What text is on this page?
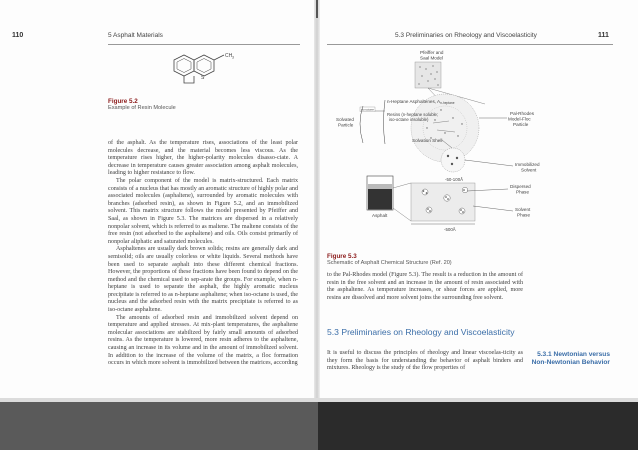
110	5 Asphalt Materials
S
CH 3
Figure 5.2
Example of Resin Molecule

of the asphalt. As the temperature rises, associations of the least polar molecules decrease, and the material becomes less viscous. As the temperature rises higher, the higher-polarity molecules disasso-ciate. A decrease in temperature causes greater association among asphalt molecules, leading to higher resistance to flow.

The polar component of the model is matrix-structured. Each matrix consists of a nucleus that has mostly an aromatic structure of highly polar and associated molecules (asphaltene), surrounded by aromatic molecules with branches (adsorbed resin), as shown in Figure 5.2, and an immobilized solvent. This matrix structure follows the model presented by Pfeiffer and Saal, as shown in Figure 5.3. The matrices are dispersed in a relatively nonpolar solvent, which is referred to as maltene. The maltene consists of the free resin (not adsorbed to the asphaltene) and oils. Oils consist primarily of nonpolar aliphatic and saturated molecules.

Asphaltenes are usually dark brown solids; resins are generally dark and semisolid; oils are usually colorless or white liquids. Several methods have been used to separate asphalt into these different chemical fractions. However, the proportions of these fractions have been found to depend on the method and the chemical used to sep-arate the groups. For example, when n-heptane is used to separate the asphalt, the highly aromatic nucleus precipitate is referred to as n-heptane asphaltene; when iso-octane is used, the nucleus and the adsorbed resin with the matrix precipitate is referred to as iso-octane asphaltene.

The amounts of adsorbed resin and immobilized solvent depend on temperature and applied stresses. At mix-plant temperatures, the asphaltene molecular associations are stabilized by fairly small amounts of adsorbed resins. As the temperature is lowered, more resin adheres to the asphaltene, causing an increase in its volume and in the amount of immobilized solvent. In addition to the increase of the volume of the matrix, a floc formation occurs in which more solvent is immobilized between the matrices, according

5.3 Preliminaries on Rheology and Viscoelasticity	111
Pfeiffer and
Saal Model
n-Heptane Asphaltenes, $A_{n-heptane}$
iso-octane
Resins (n-heptane soluble;
iso-octane insoluble)
Solvated
Particle
Solvation Shell
Pal-Rhodes
Model-Floc
Particle
-50-100Å
Immobilized
Solvent
Asphalt
Dispersed
Phase
Solvent
Phase
-500Å
Figure 5.3
Schematic of Asphalt Chemical Structure (Ref. 20)

to the Pal-Rhodes model (Figure 5.3). The result is a reduction in the amount of resin in the free solvent and an increase in the amount of resin associated with the asphaltene. As temperature increases, or shear forces are applied, more resins are dissolved and more solvent joins the surrounding free solvent.

5.3 Preliminaries on Rheology and Viscoelasticity
It is useful to discuss the principles of rheology and linear viscoelas-ticity as they form the basis for understanding the behavior of asphalt binders and mixtures. Rheology is the study of the flow properties of
5.3.1 Newtonian versus Non-Newtonian Behavior
